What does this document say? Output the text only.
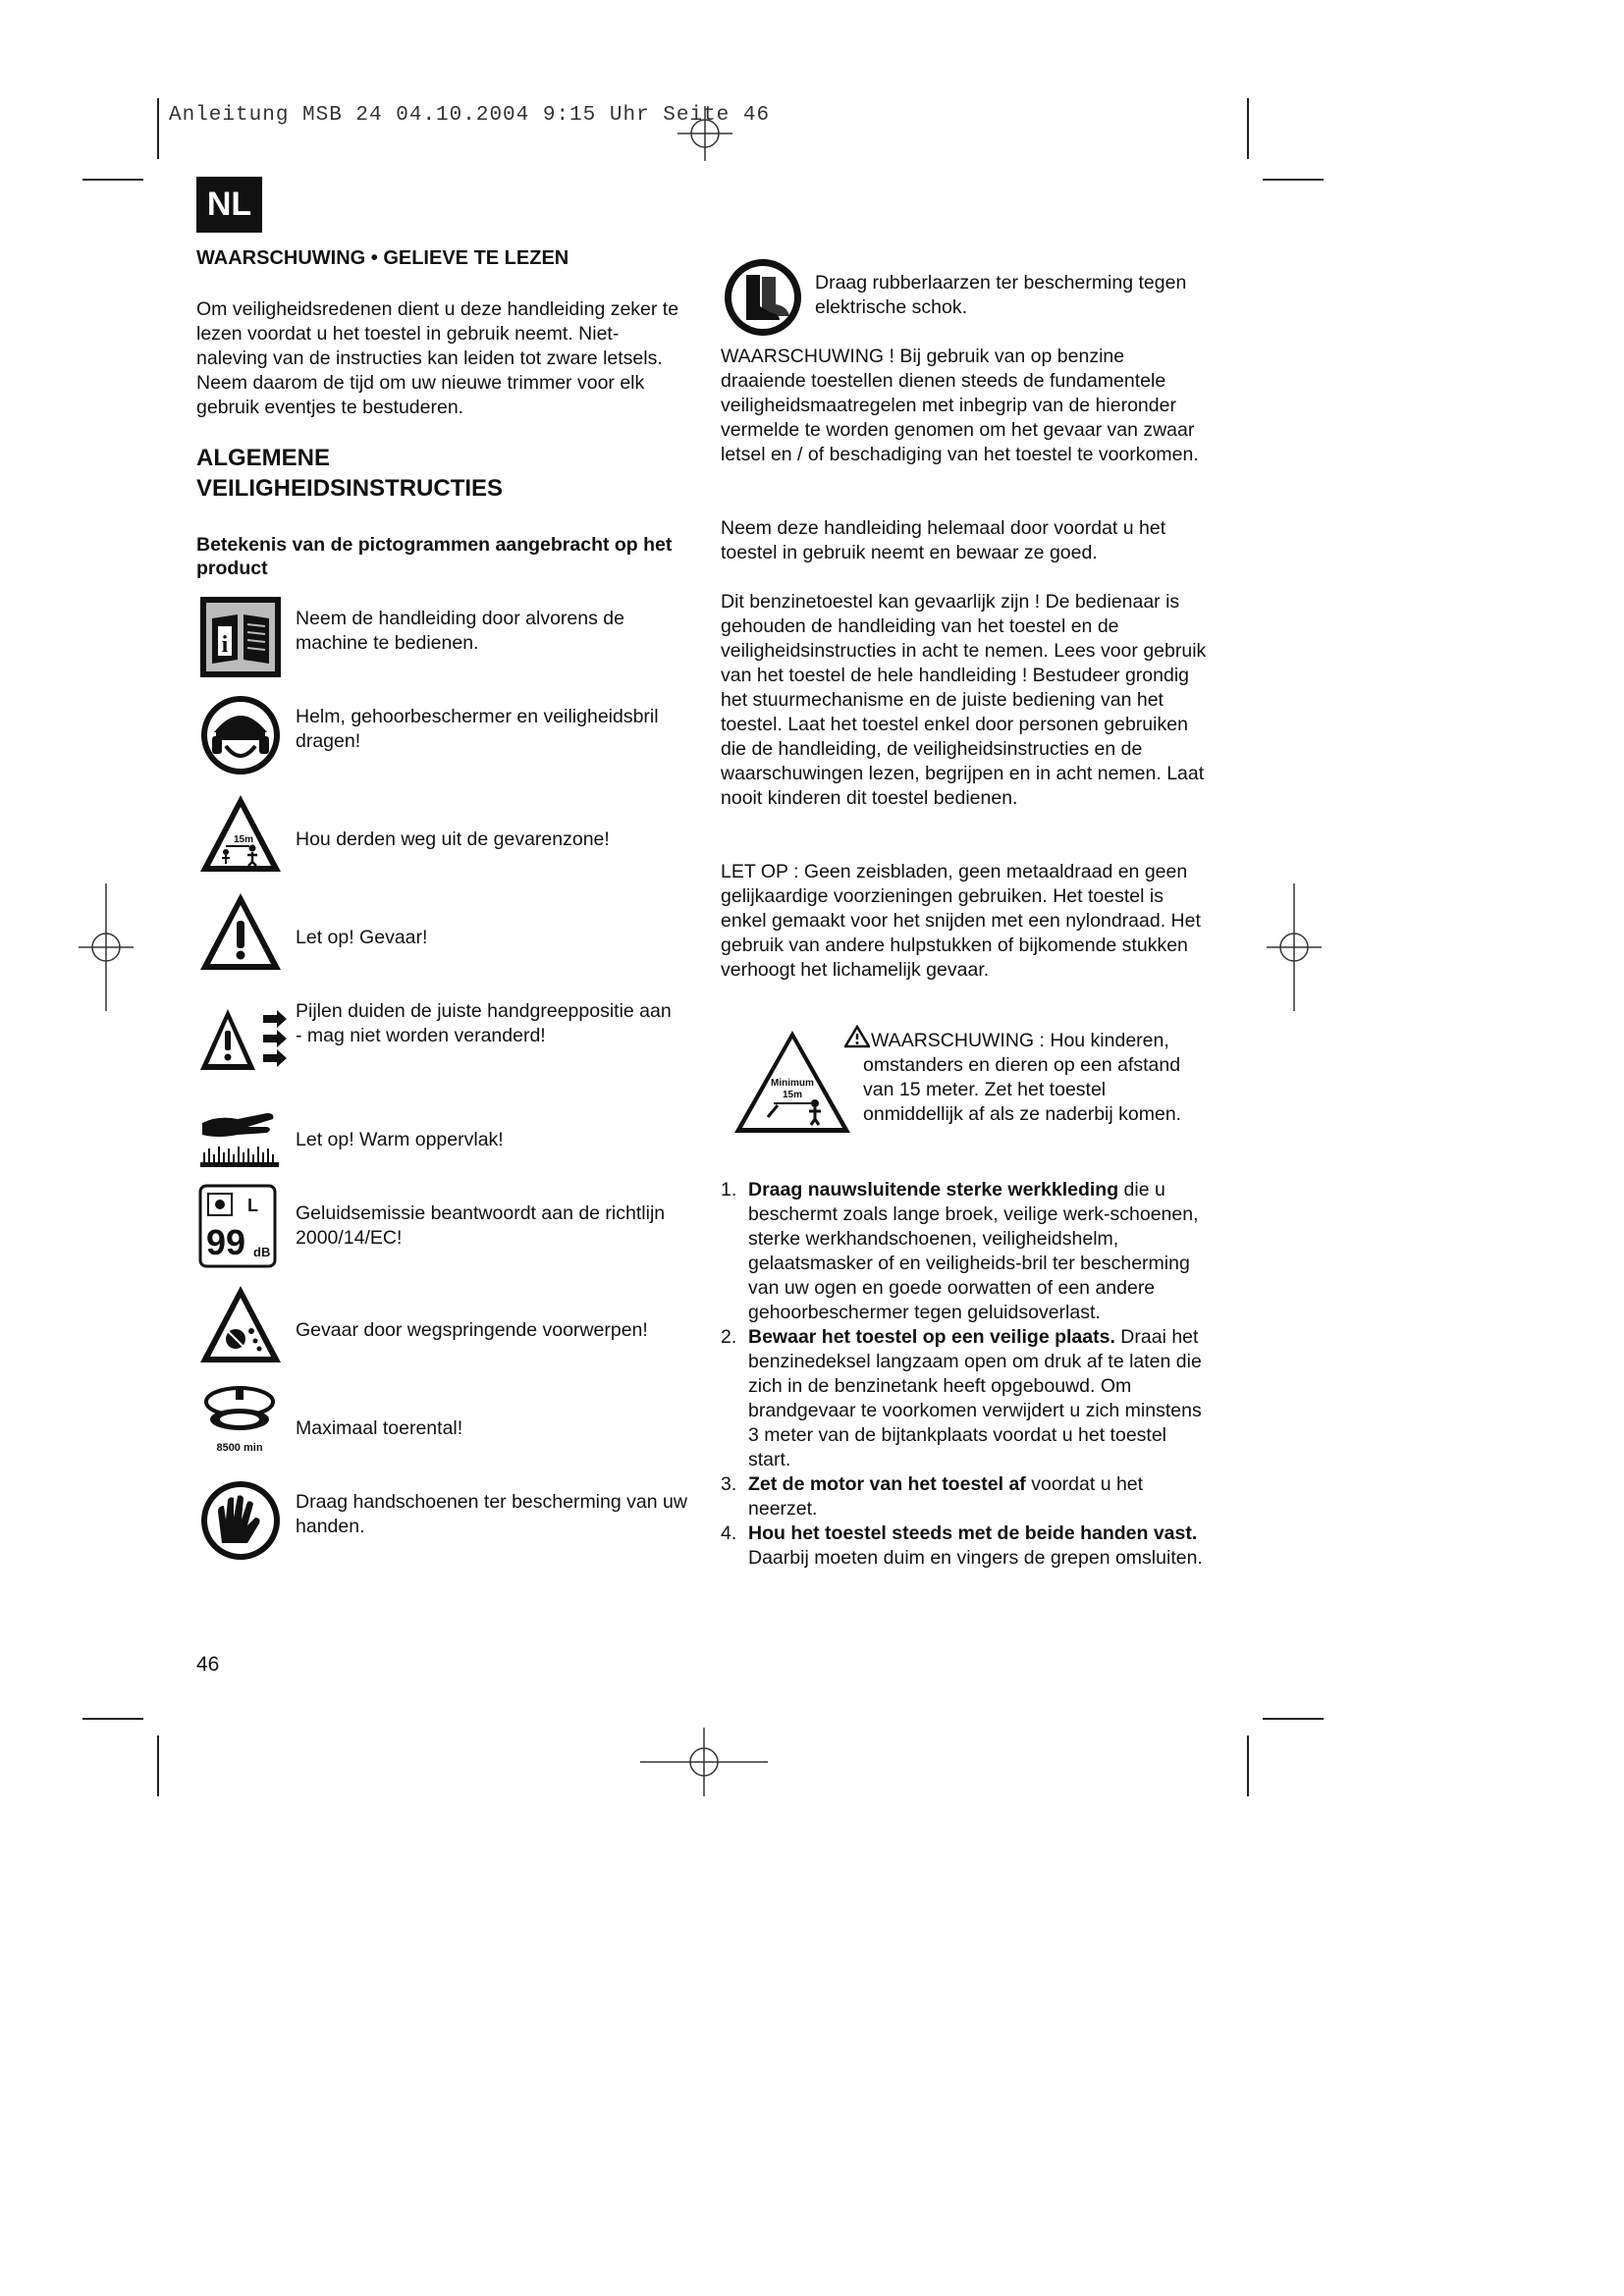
Anleitung MSB 24 04.10.2004 9:15 Uhr Seite 46
NL
WAARSCHUWING • GELIEVE TE LEZEN

Om veiligheidsredenen dient u deze handleiding zeker te lezen voordat u het toestel in gebruik neemt. Niet-naleving van de instructies kan leiden tot zware letsels. Neem daarom de tijd om uw nieuwe trimmer voor elk gebruik eventjes te bestuderen.

ALGEMENE
VEILIGHEIDSINSTRUCTIES
Betekenis van de pictogrammen aangebracht op het product
i
Neem de handleiding door alvorens de machine te bedienen.
Helm, gehoorbeschermer en veiligheidsbril dragen!
15m Hou derden weg uit de gevarenzone!
Let op! Gevaar!
Pijlen duiden de juiste handgreeppositie aan
- mag niet worden veranderd!
Let op! Warm oppervlak!
L
99 dB
Geluidsemissie beantwoordt aan de richtlijn 2000/14/EC!
Gevaar door wegspringende voorwerpen!
8500 min
Maximaal toerental!
Draag handschoenen ter bescherming van uw handen.

Draag rubberlaarzen ter bescherming tegen elektrische schok.

WAARSCHUWING ! Bij gebruik van op benzine draaiende toestellen dienen steeds de fundamentele veiligheidsmaatregelen met inbegrip van de hieronder vermelde te worden genomen om het gevaar van zwaar letsel en / of beschadiging van het toestel te voorkomen.

Neem deze handleiding helemaal door voordat u het toestel in gebruik neemt en bewaar ze goed.

Dit benzinetoestel kan gevaarlijk zijn ! De bedienaar is gehouden de handleiding van het toestel en de veiligheidsinstructies in acht te nemen. Lees voor gebruik van het toestel de hele handleiding ! Bestudeer grondig het stuurmechanisme en de juiste bediening van het toestel. Laat het toestel enkel door personen gebruiken die de handleiding, de veiligheidsinstructies en de waarschuwingen lezen, begrijpen en in acht nemen. Laat nooit kinderen dit toestel bedienen.

LET OP : Geen zeisbladen, geen metaaldraad en geen gelijkaardige voorzieningen gebruiken. Het toestel is enkel gemaakt voor het snijden met een nylondraad. Het gebruik van andere hulpstukken of bijkomende stukken verhoogt het lichamelijk gevaar.

Minimum
15m

WAARSCHUWING : Hou kinderen, omstanders en dieren op een afstand van 15 meter. Zet het toestel onmiddellijk af als ze naderbij komen.

1. Draag nauwsluitende sterke werkkleding die u beschermt zoals lange broek, veilige werk-schoenen, sterke werkhandschoenen, veiligheidshelm, gelaatsmasker of en veiligheids-bril ter bescherming van uw ogen en goede oorwatten of een andere gehoorbeschermer tegen geluidsoverlast.
2. Bewaar het toestel op een veilige plaats. Draai het benzinedeksel langzaam open om druk af te laten die zich in de benzinetank heeft opgebouwd. Om brandgevaar te voorkomen verwijdert u zich minstens 3 meter van de bijtankplaats voordat u het toestel start.
3. Zet de motor van het toestel af voordat u het neerzet.
4. Hou het toestel steeds met de beide handen vast. Daarbij moeten duim en vingers de grepen omsluiten.
46
